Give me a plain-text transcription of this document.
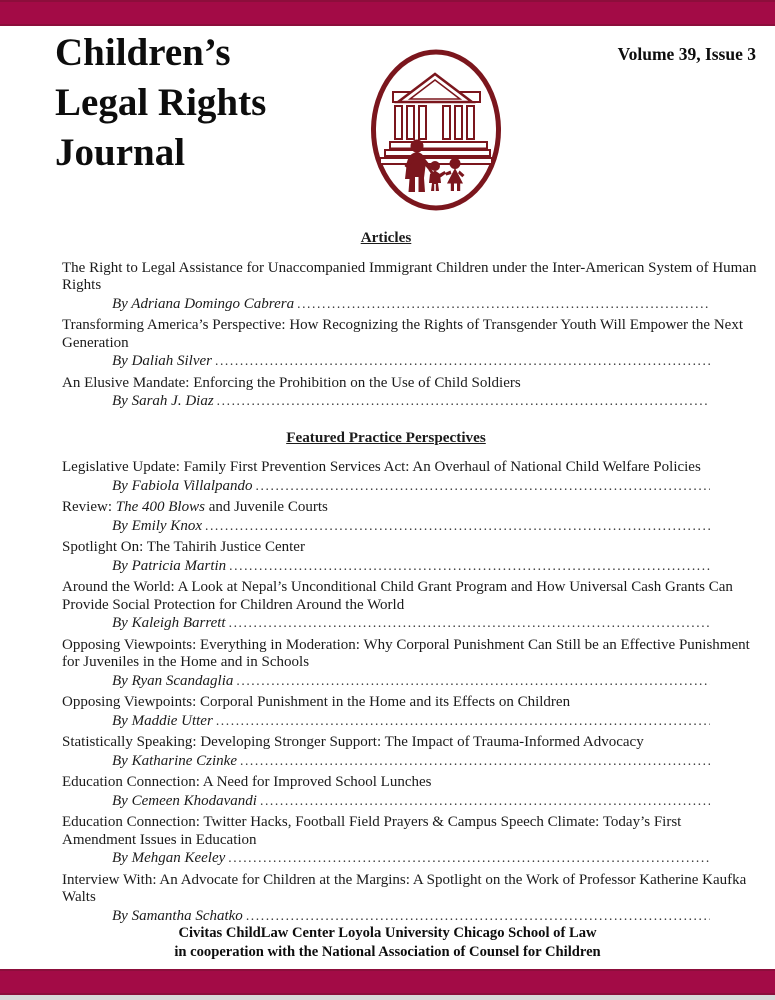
Children’s
Legal Rights
Journal
Volume 39, Issue 3
Articles
The Right to Legal Assistance for Unaccompanied Immigrant Children under the Inter-American System of Human
Rights
By Adriana Domingo Cabrera
.....
Transforming America’s Perspective: How Recognizing the Rights of Transgender Youth Will Empower the Next
Generation
By Daliah Silver
.....
An Elusive Mandate: Enforcing the Prohibition on the Use of Child Soldiers
By Sarah J. Diaz
.....
Featured Practice Perspectives
Legislative Update: Family First Prevention Services Act: An Overhaul of National Child Welfare Policies
By Fabiola Villalpando
.....
Review: The 400 Blows and Juvenile Courts
By Emily Knox
.....
Spotlight On: The Tahirih Justice Center
By Patricia Martin
.....
Around the World: A Look at Nepal’s Unconditional Child Grant Program and How Universal Cash Grants Can
Provide Social Protection for Children Around the World
By Kaleigh Barrett
.....
Opposing Viewpoints: Everything in Moderation: Why Corporal Punishment Can Still be an Effective Punishment
for Juveniles in the Home and in Schools
By Ryan Scandaglia
.....
Opposing Viewpoints: Corporal Punishment in the Home and its Effects on Children
By Maddie Utter
.....
Statistically Speaking: Developing Stronger Support: The Impact of Trauma-Informed Advocacy
By Katharine Czinke
.....
Education Connection: A Need for Improved School Lunches
By Cemeen Khodavandi
.....
Education Connection: Twitter Hacks, Football Field Prayers & Campus Speech Climate: Today’s First
Amendment Issues in Education
By Mehgan Keeley
.....
Interview With: An Advocate for Children at the Margins: A Spotlight on the Work of Professor Katherine Kaufka
Walts
By Samantha Schatko
.....
Civitas ChildLaw Center Loyola University Chicago School of Law
in cooperation with the National Association of Counsel for Children
